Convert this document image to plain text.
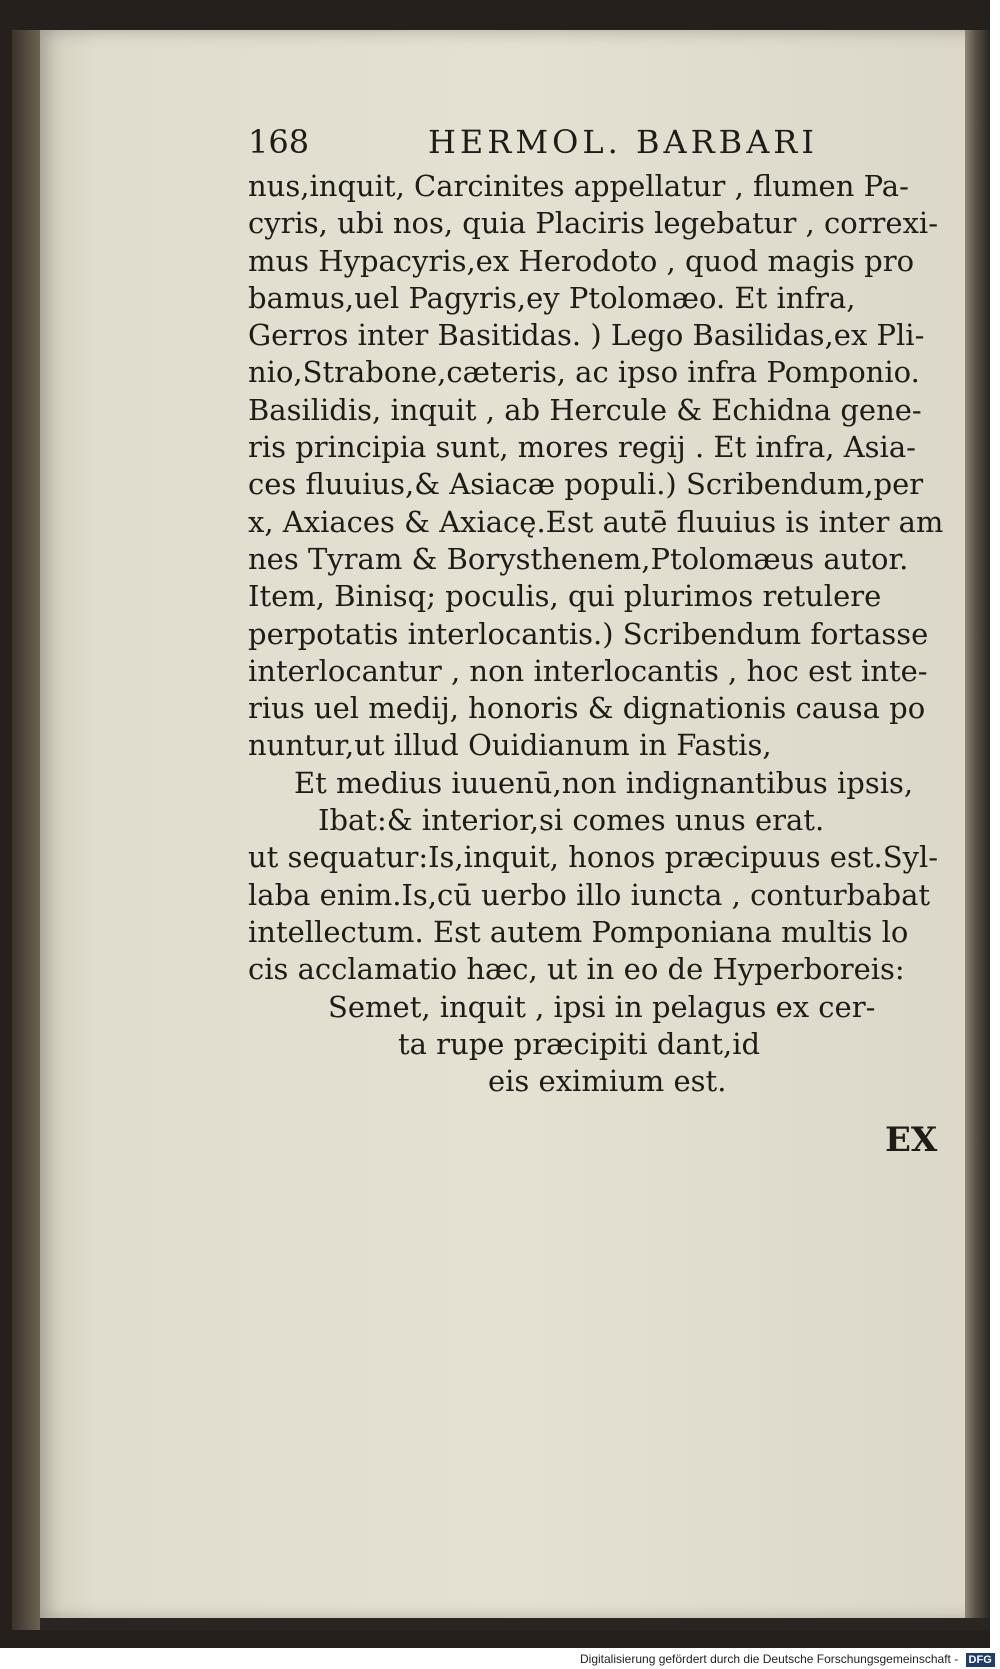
168	HERMOL. BARBARI
nus,inquit, Carcinites appellatur , flumen Pa-
cyris, ubi nos, quia Placiris legebatur , correxi-
mus Hypacyris,ex Herodoto , quod magis pro
bamus,uel Pagyris,ey Ptolomæo. Et infra,
Gerros inter Basitidas. ) Lego Basilidas,ex Pli-
nio,Strabone,cæteris, ac ipso infra Pomponio.
Basilidis, inquit , ab Hercule & Echidna gene-
ris principia sunt, mores regij . Et infra, Asia-
ces fluuius,& Asiacæ populi.) Scribendum,per
x, Axiaces & Axiacę.Est autē fluuius is inter am
nes Tyram & Borysthenem,Ptolomæus autor.
Item, Binisq; poculis, qui plurimos retulere
perpotatis interlocantis.) Scribendum fortasse
interlocantur , non interlocantis , hoc est inte-
rius uel medij, honoris & dignationis causa po
nuntur,ut illud Ouidianum in Fastis,
Et medius iuuenū,non indignantibus ipsis,
Ibat:& interior,si comes unus erat.
ut sequatur:Is,inquit, honos præcipuus est.Syl-
laba enim.Is,cū uerbo illo iuncta , conturbabat
intellectum. Est autem Pomponiana multis lo
cis acclamatio hæc, ut in eo de Hyperboreis:
Semet, inquit , ipsi in pelagus ex cer-
ta rupe præcipiti dant,id
eis eximium est.
EX
Digitalisierung gefördert durch die Deutsche Forschungsgemeinschaft - DFG
